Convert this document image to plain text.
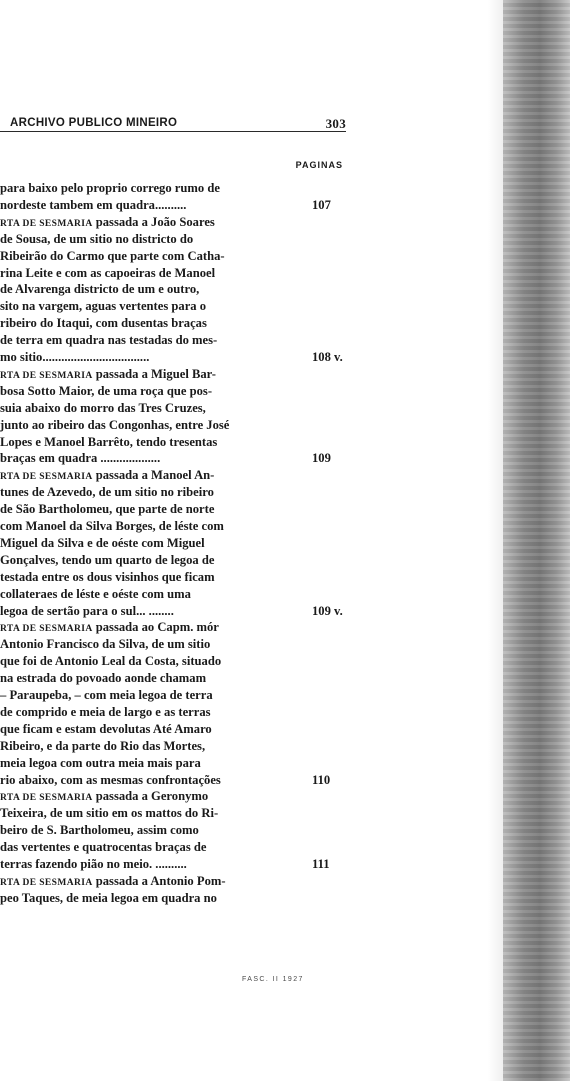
ARCHIVO PUBLICO MINEIRO	303
PAGINAS
para baixo pelo proprio corrego rumo de
nordeste tambem em quadra..........	107
RTA DE SESMARIA passada a João Soares
de Sousa, de um sitio no districto do
Ribeirão do Carmo que parte com Catha-
rina Leite e com as capoeiras de Manoel
de Alvarenga districto de um e outro,
sito na vargem, aguas vertentes para o
ribeiro do Itaqui, com dusentas braças
de terra em quadra nas testadas do mes-
mo sitio..................................	108 v.
RTA DE SESMARIA passada a Miguel Bar-
bosa Sotto Maior, de uma roça que pos-
suia abaixo do morro das Tres Cruzes,
junto ao ribeiro das Congonhas, entre José
Lopes e Manoel Barrêto, tendo tresentas
braças em quadra ...................	109
RTA DE SESMARIA passada a Manoel An-
tunes de Azevedo, de um sitio no ribeiro
de São Bartholomeu, que parte de norte
com Manoel da Silva Borges, de léste com
Miguel da Silva e de oéste com Miguel
Gonçalves, tendo um quarto de legoa de
testada entre os dous visinhos que ficam
collateraes de léste e oéste com uma
legoa de sertão para o sul... ........	109 v.
RTA DE SESMARIA passada ao Capm. mór
Antonio Francisco da Silva, de um sitio
que foi de Antonio Leal da Costa, situado
na estrada do povoado aonde chamam
– Paraupeba, – com meia legoa de terra
de comprido e meia de largo e as terras
que ficam e estam devolutas Até Amaro
Ribeiro, e da parte do Rio das Mortes,
meia legoa com outra meia mais para
rio abaixo, com as mesmas confrontações	110
RTA DE SESMARIA passada a Geronymo
Teixeira, de um sitio em os mattos do Ri-
beiro de S. Bartholomeu, assim como
das vertentes e quatrocentas braças de
terras fazendo pião no meio. ..........	111
RTA DE SESMARIA passada a Antonio Pom-
peo Taques, de meia legoa em quadra no
FASC. II 1927
